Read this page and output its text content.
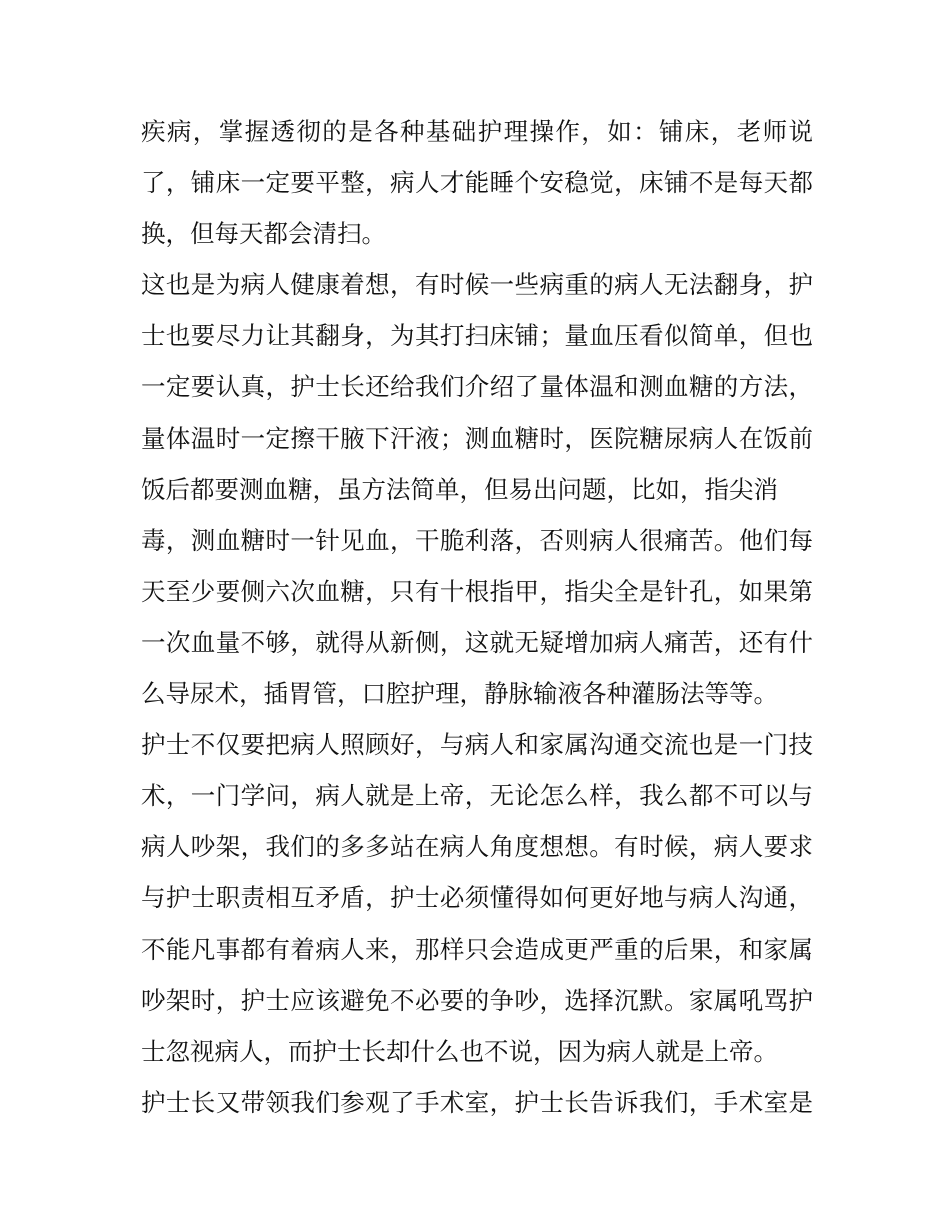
疾病，掌握透彻的是各种基础护理操作，如：铺床，老师说
了，铺床一定要平整，病人才能睡个安稳觉，床铺不是每天都
换，但每天都会清扫。
这也是为病人健康着想，有时候一些病重的病人无法翻身，护
士也要尽力让其翻身，为其打扫床铺；量血压看似简单，但也
一定要认真，护士长还给我们介绍了量体温和测血糖的方法，
量体温时一定擦干腋下汗液；测血糖时，医院糖尿病人在饭前
饭后都要测血糖，虽方法简单，但易出问题，比如，指尖消
毒，测血糖时一针见血，干脆利落，否则病人很痛苦。他们每
天至少要侧六次血糖，只有十根指甲，指尖全是针孔，如果第
一次血量不够，就得从新侧，这就无疑增加病人痛苦，还有什
么导尿术，插胃管，口腔护理，静脉输液各种灌肠法等等。
护士不仅要把病人照顾好，与病人和家属沟通交流也是一门技
术，一门学问，病人就是上帝，无论怎么样，我么都不可以与
病人吵架，我们的多多站在病人角度想想。有时候，病人要求
与护士职责相互矛盾，护士必须懂得如何更好地与病人沟通，
不能凡事都有着病人来，那样只会造成更严重的后果，和家属
吵架时，护士应该避免不必要的争吵，选择沉默。家属吼骂护
士忽视病人，而护士长却什么也不说，因为病人就是上帝。
护士长又带领我们参观了手术室，护士长告诉我们，手术室是
